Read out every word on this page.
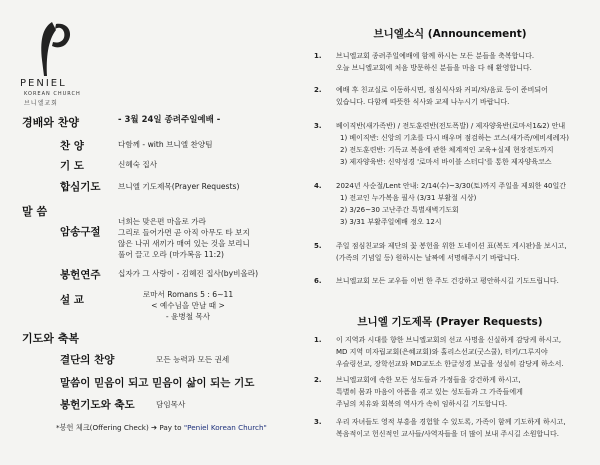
PENIEL
KOREAN CHURCH
브니엘교회
경배와 찬양	- 3월 24일 종려주일예배 -
찬 양	다함께 - with 브니엘 찬양팀
기 도	신혜숙 집사
합심기도 브니엘 기도제목(Prayer Requests)
말 씀
암송구절
너희는 맞은편 마을로 가라
그리로 들어가면 곧 아직 아무도 타 보지
않은 나귀 새끼가 매여 있는 것을 보리니
풀어 끌고 오라 (마가복음 11:2)
봉헌연주 십자가 그 사랑이 - 김혜진 집사(by비올라)
설 교	로마서 Romans 5 : 6~11
< 예수님을 만날 때 >
- 윤병철 목사
기도와 축복
결단의 찬양	모든 능력과 모든 권세
말씀이 믿음이 되고 믿음이 삶이 되는 기도
봉헌기도와 축도	담임목사
*봉헌 체크(Offering Check) ➔ Pay to "Peniel Korean Church"
브니엘소식 (Announcement)
1. 브니엘교회 종려주일예배에 함께 하시는 모든 분들을 축복합니다.
오늘 브니엘교회에 처음 방문하신 분들을 마음 다 해 환영합니다.
2. 예배 후 친교실로 이동하시면, 점심식사와 커피/차/음료 등이 준비되어
있습니다. 다함께 따뜻한 식사와 교제 나누시기 바랍니다.
3. 베이직반(새가족반) / 전도훈련반(전도폭발) / 제자양육반(로마서1&2) 안내
1) 베이직반: 신앙의 기초를 다시 배우며 점검하는 코스(새가족/예비세례자)
2) 전도훈련반: 기독교 복음에 관한 체계적인 교육+실제 현장전도까지
3) 제자양육반: 신약성경 '로마서 바이블 스터디'를 통한 제자양육코스
4. 2024년 사순절/Lent 안내: 2/14(수)~3/30(토)까지 주일을 제외한 40일간
1) 전교인 누가복음 필사 (3/31 부활절 시상)
2) 3/26~30 고난주간 특별새벽기도회
3) 3/31 부활주일예배 정오 12시
5. 주일 점심친교와 제단의 꽃 봉헌을 위한 도네이션 표(복도 게시판)을 보시고,
(가족의 기념일 등) 원하시는 날짜에 서명해주시기 바랍니다.
6. 브니엘교회 모든 교우들 이번 한 주도 건강하고 평안하시길 기도드립니다.
브니엘 기도제목 (Prayer Requests)
1. 이 지역과 시대를 향한 브니엘교회의 선교 사명을 신실하게 감당케 하시고,
MD 지역 미자립교회(은혜교회)와 홀리스선교(굿스쿨), 터키/그루지야
우슬링선교, 장학선교와 MD교도소 한글성경 보급을 성실히 감당케 하소서.
2. 브니엘교회에 속한 모든 성도들과 가정들을 강건하게 하시고,
특별히 몸과 마음이 아픔을 겪고 있는 성도들과 그 가족들에게
주님의 치유와 회복의 역사가 속히 임하시길 기도합니다.
3. 우리 자녀들도 영적 부흥을 경험할 수 있도록, 가족이 함께 기도하게 하시고,
복음적이고 헌신적인 교사들/사역자들을 더 많이 보내 주시길 소원합니다.
